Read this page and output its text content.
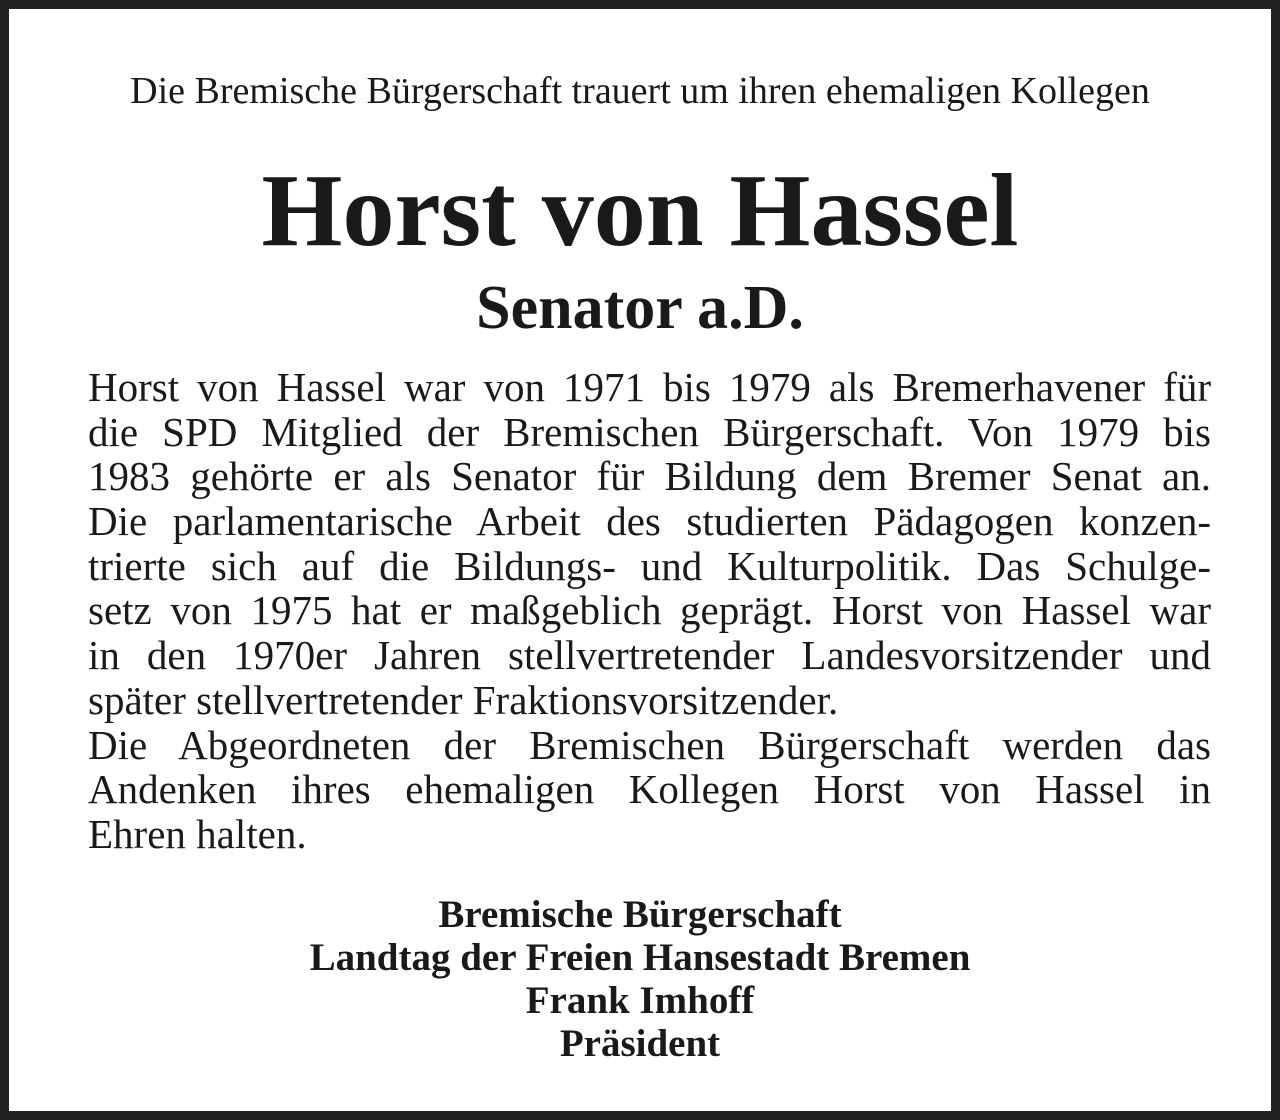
Die Bremische Bürgerschaft trauert um ihren ehemaligen Kollegen
Horst von Hassel
Senator a.D.
Horst von Hassel war von 1971 bis 1979 als Bremerhavener für
die SPD Mitglied der Bremischen Bürgerschaft. Von 1979 bis
1983 gehörte er als Senator für Bildung dem Bremer Senat an.
Die parlamentarische Arbeit des studierten Pädagogen konzen-
trierte sich auf die Bildungs- und Kulturpolitik. Das Schulge-
setz von 1975 hat er maßgeblich geprägt. Horst von Hassel war
in den 1970er Jahren stellvertretender Landesvorsitzender und
später stellvertretender Fraktionsvorsitzender.
Die Abgeordneten der Bremischen Bürgerschaft werden das
Andenken ihres ehemaligen Kollegen Horst von Hassel in
Ehren halten.
Bremische Bürgerschaft
Landtag der Freien Hansestadt Bremen
Frank Imhoff
Präsident
